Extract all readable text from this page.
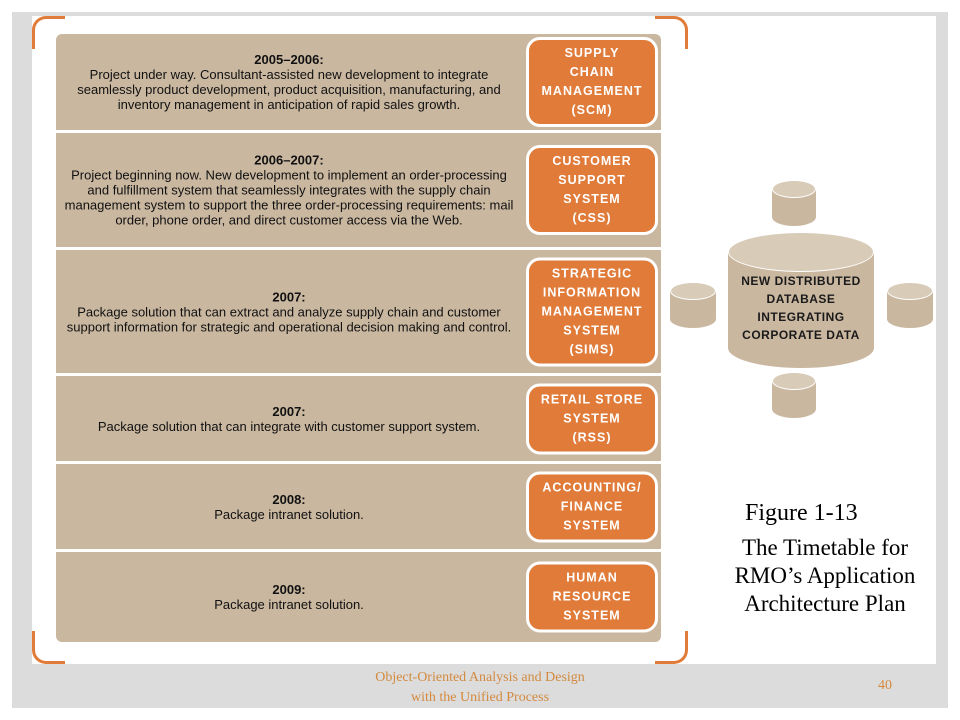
2005–2006:
Project under way. Consultant-assisted new development to integrate seamlessly product development, product acquisition, manufacturing, and inventory management in anticipation of rapid sales growth.
SUPPLY
CHAIN
MANAGEMENT
(SCM)
2006–2007:
Project beginning now. New development to implement an order-processing and fulfillment system that seamlessly integrates with the supply chain management system to support the three order-processing requirements: mail order, phone order, and direct customer access via the Web.
CUSTOMER
SUPPORT
SYSTEM
(CSS)
2007:
Package solution that can extract and analyze supply chain and customer support information for strategic and operational decision making and control.
STRATEGIC
INFORMATION
MANAGEMENT
SYSTEM
(SIMS)
2007:
Package solution that can integrate with customer support system.
RETAIL STORE
SYSTEM
(RSS)
2008:
Package intranet solution.
ACCOUNTING/
FINANCE
SYSTEM
2009:
Package intranet solution.
HUMAN
RESOURCE
SYSTEM
NEW DISTRIBUTED
DATABASE
INTEGRATING
CORPORATE DATA
Figure 1-13
The Timetable for
RMO’s Application
Architecture Plan
Object-Oriented Analysis and Design
with the Unified Process
40
